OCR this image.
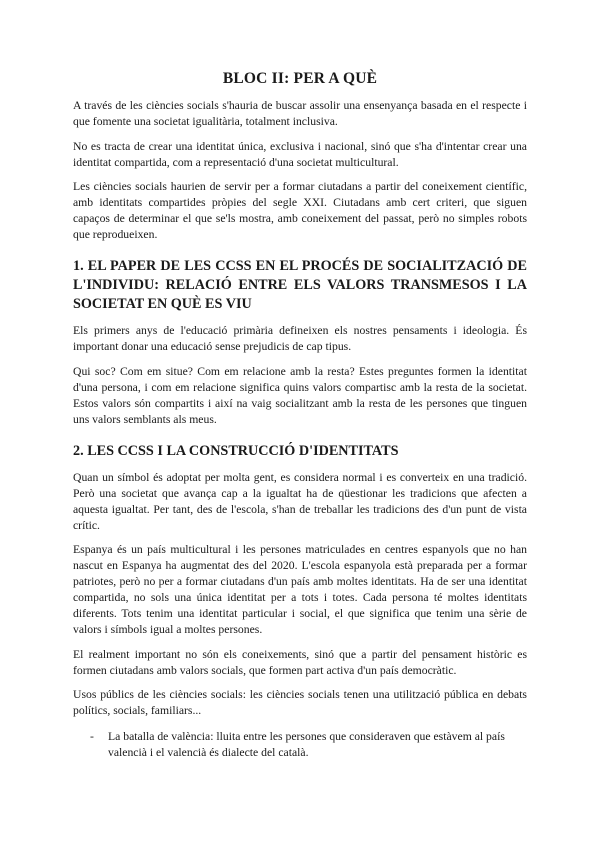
BLOC II: PER A QUÈ

A través de les ciències socials s'hauria de buscar assolir una ensenyança basada en el respecte i que fomente una societat igualitària, totalment inclusiva.

No es tracta de crear una identitat única, exclusiva i nacional, sinó que s'ha d'intentar crear una identitat compartida, com a representació d'una societat multicultural.

Les ciències socials haurien de servir per a formar ciutadans a partir del coneixement científic, amb identitats compartides pròpies del segle XXI. Ciutadans amb cert criteri, que siguen capaços de determinar el que se'ls mostra, amb coneixement del passat, però no simples robots que reprodueixen.

1. EL PAPER DE LES CCSS EN EL PROCÉS DE SOCIALITZACIÓ DE L'INDIVIDU: RELACIÓ ENTRE ELS VALORS TRANSMESOS I LA SOCIETAT EN QUÈ ES VIU

Els primers anys de l'educació primària defineixen els nostres pensaments i ideologia. És important donar una educació sense prejudicis de cap tipus.

Qui soc? Com em situe? Com em relacione amb la resta? Estes preguntes formen la identitat d'una persona, i com em relacione significa quins valors compartisc amb la resta de la societat. Estos valors són compartits i així na vaig socialitzant amb la resta de les persones que tinguen uns valors semblants als meus.

2. LES CCSS I LA CONSTRUCCIÓ D'IDENTITATS

Quan un símbol és adoptat per molta gent, es considera normal i es converteix en una tradició. Però una societat que avança cap a la igualtat ha de qüestionar les tradicions que afecten a aquesta igualtat. Per tant, des de l'escola, s'han de treballar les tradicions des d'un punt de vista crític.

Espanya és un país multicultural i les persones matriculades en centres espanyols que no han nascut en Espanya ha augmentat des del 2020. L'escola espanyola està preparada per a formar patriotes, però no per a formar ciutadans d'un país amb moltes identitats. Ha de ser una identitat compartida, no sols una única identitat per a tots i totes. Cada persona té moltes identitats diferents. Tots tenim una identitat particular i social, el que significa que tenim una sèrie de valors i símbols igual a moltes persones.

El realment important no són els coneixements, sinó que a partir del pensament històric es formen ciutadans amb valors socials, que formen part activa d'un país democràtic.

Usos públics de les ciències socials: les ciències socials tenen una utilització pública en debats polítics, socials, familiars...

- La batalla de valència: lluita entre les persones que consideraven que estàvem al país valencià i el valencià és dialecte del català.
